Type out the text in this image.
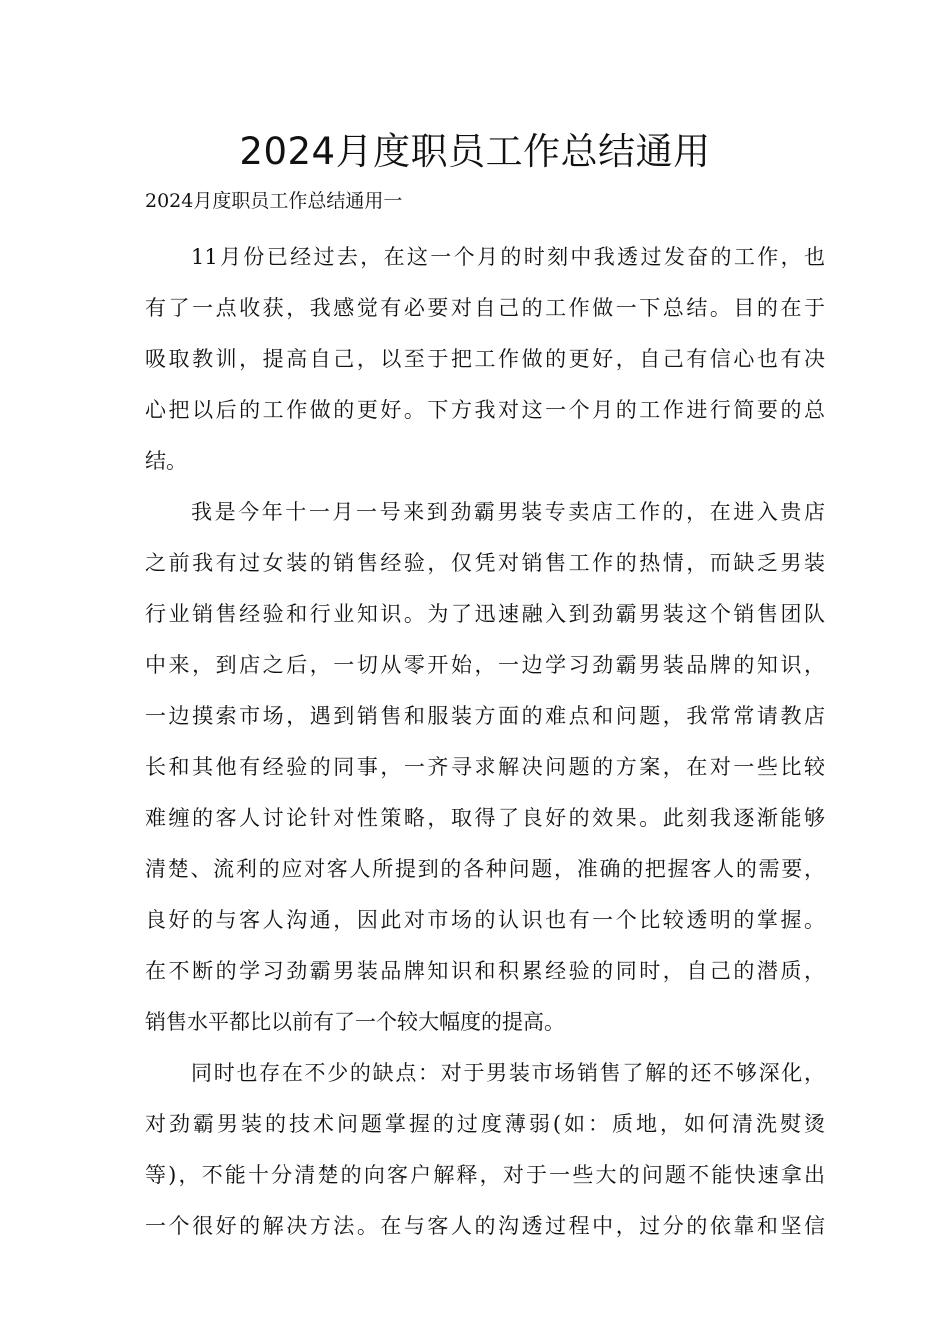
2024月度职员工作总结通用

2024月度职员工作总结通用一

11月份已经过去，在这一个月的时刻中我透过发奋的工作，也
有了一点收获，我感觉有必要对自己的工作做一下总结。目的在于
吸取教训，提高自己，以至于把工作做的更好，自己有信心也有决
心把以后的工作做的更好。下方我对这一个月的工作进行简要的总
结。
我是今年十一月一号来到劲霸男装专卖店工作的，在进入贵店
之前我有过女装的销售经验，仅凭对销售工作的热情，而缺乏男装
行业销售经验和行业知识。为了迅速融入到劲霸男装这个销售团队
中来，到店之后，一切从零开始，一边学习劲霸男装品牌的知识，
一边摸索市场，遇到销售和服装方面的难点和问题，我常常请教店
长和其他有经验的同事，一齐寻求解决问题的方案，在对一些比较
难缠的客人讨论针对性策略，取得了良好的效果。此刻我逐渐能够
清楚、流利的应对客人所提到的各种问题，准确的把握客人的需要，
良好的与客人沟通，因此对市场的认识也有一个比较透明的掌握。
在不断的学习劲霸男装品牌知识和积累经验的同时，自己的潜质，
销售水平都比以前有了一个较大幅度的提高。
同时也存在不少的缺点：对于男装市场销售了解的还不够深化，
对劲霸男装的技术问题掌握的过度薄弱(如：质地，如何清洗熨烫
等)，不能十分清楚的向客户解释，对于一些大的问题不能快速拿出
一个很好的解决方法。在与客人的沟透过程中，过分的依靠和坚信
